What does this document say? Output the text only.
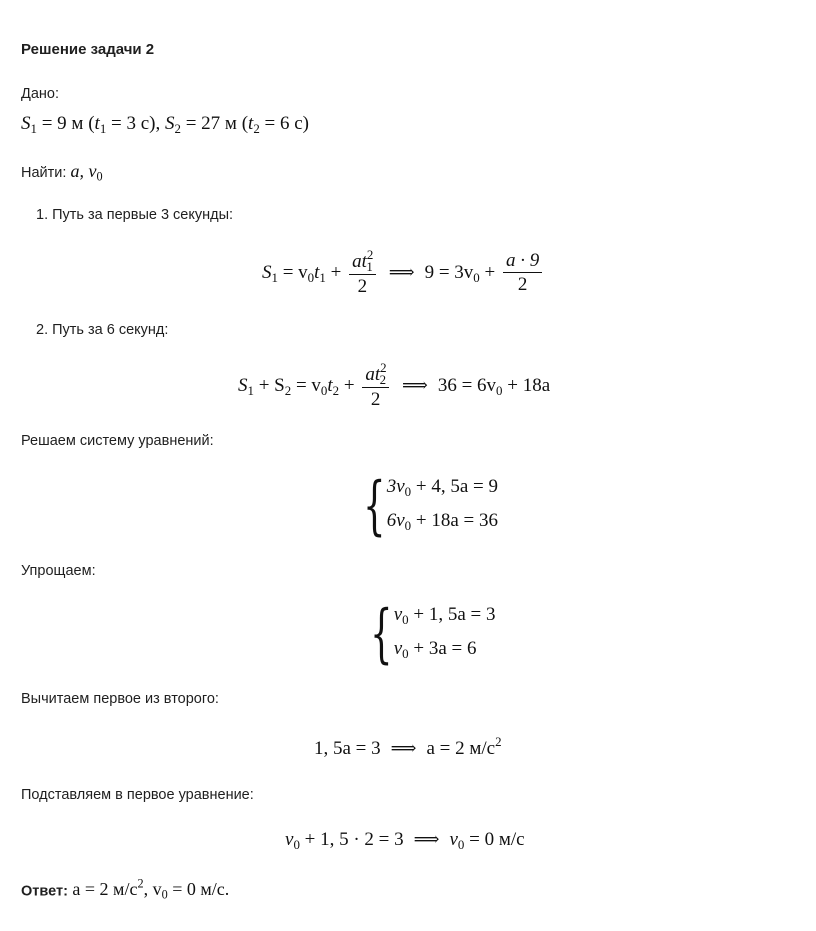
Решение задачи 2
Дано:
$S_1 = 9$ м ($t_1 = 3$ с), $S_2 = 27$ м ($t_2 = 6$ с)
Найти: a, $v_0$
1. Путь за первые 3 секунды:
$S_1 = v_0t_1 + \frac{at^2_1}{2}$ ⟹ $9 = 3v_0 + \frac{a \cdot 9}{2}$
2. Путь за 6 секунд:
$S_1 + S_2 = v_0t_2 + \frac{at^2_2}{2}$ ⟹ $36 = 6v_0 + 18a$
Решаем систему уравнений:
{ $3v_0 + 4$, 5a = 9
$6v_0 + 18a = 36$
Упрощаем:
{ $v_0 + 1$, 5a = 3
$v_0 + 3a = 6$
Вычитаем первое из второго:
1, 5a = 3 ⟹ a = 2 $м/с^2$
Подставляем в первое уравнение:
$v_0 + 1$, 5 · 2 = 3 ⟹ $v_0 = 0$ м/с
Ответ: a = 2 $м/с^2$, $v_0 = 0$ м/с.
